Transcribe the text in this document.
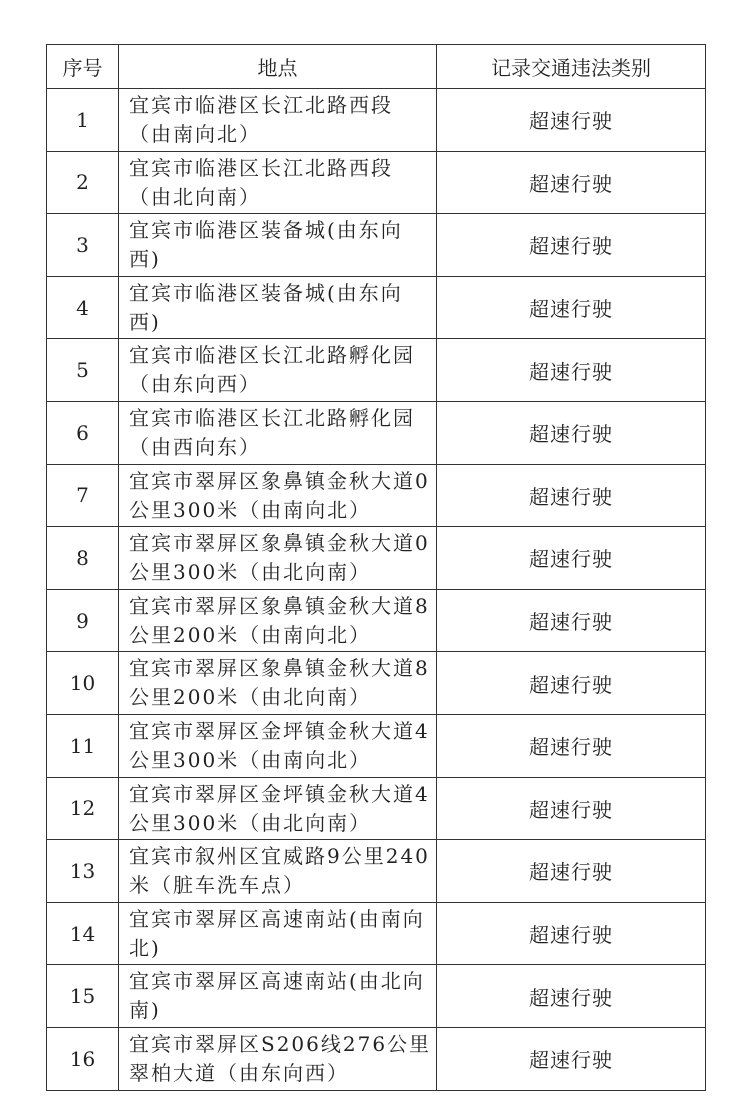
序号	地点	记录交通违法类别
1	宜宾市临港区长江北路西段（由南向北）	超速行驶
2	宜宾市临港区长江北路西段（由北向南）	超速行驶
3	宜宾市临港区装备城(由东向西)	超速行驶
4	宜宾市临港区装备城(由东向西)	超速行驶
5	宜宾市临港区长江北路孵化园（由东向西）	超速行驶
6	宜宾市临港区长江北路孵化园（由西向东）	超速行驶
7	宜宾市翠屏区象鼻镇金秋大道0公里300米（由南向北）	超速行驶
8	宜宾市翠屏区象鼻镇金秋大道0公里300米（由北向南）	超速行驶
9	宜宾市翠屏区象鼻镇金秋大道8公里200米（由南向北）	超速行驶
10	宜宾市翠屏区象鼻镇金秋大道8公里200米（由北向南）	超速行驶
11	宜宾市翠屏区金坪镇金秋大道4公里300米（由南向北）	超速行驶
12	宜宾市翠屏区金坪镇金秋大道4公里300米（由北向南）	超速行驶
13	宜宾市叙州区宜威路9公里240米（脏车洗车点）	超速行驶
14	宜宾市翠屏区高速南站(由南向北)	超速行驶
15	宜宾市翠屏区高速南站(由北向南)	超速行驶
16	宜宾市翠屏区S206线276公里翠柏大道（由东向西）	超速行驶
